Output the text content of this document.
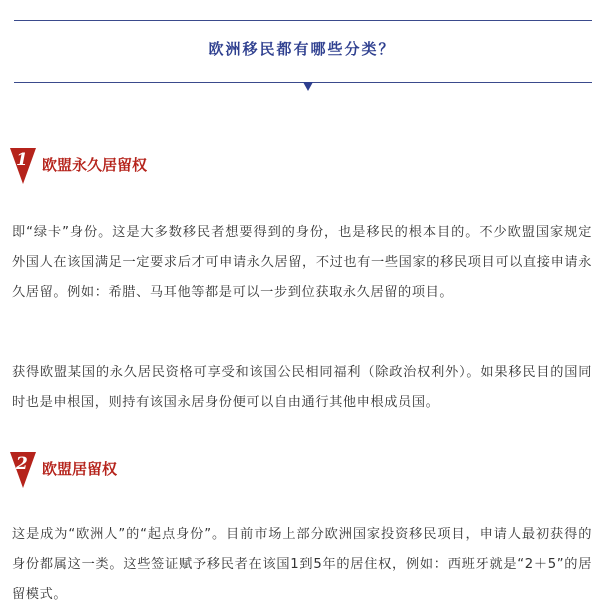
欧洲移民都有哪些分类？
1 欧盟永久居留权

即“绿卡”身份。这是大多数移民者想要得到的身份，也是移民的根本目的。不少欧盟国家规定外国人在该国满足一定要求后才可申请永久居留，不过也有一些国家的移民项目可以直接申请永久居留。例如：希腊、马耳他等都是可以一步到位获取永久居留的项目。

获得欧盟某国的永久居民资格可享受和该国公民相同福利（除政治权利外）。如果移民目的国同时也是申根国，则持有该国永居身份便可以自由通行其他申根成员国。

2 欧盟居留权

这是成为“欧洲人”的“起点身份”。目前市场上部分欧洲国家投资移民项目，申请人最初获得的身份都属这一类。这些签证赋予移民者在该国1到5年的居住权，例如：西班牙就是“2＋5”的居留模式。
